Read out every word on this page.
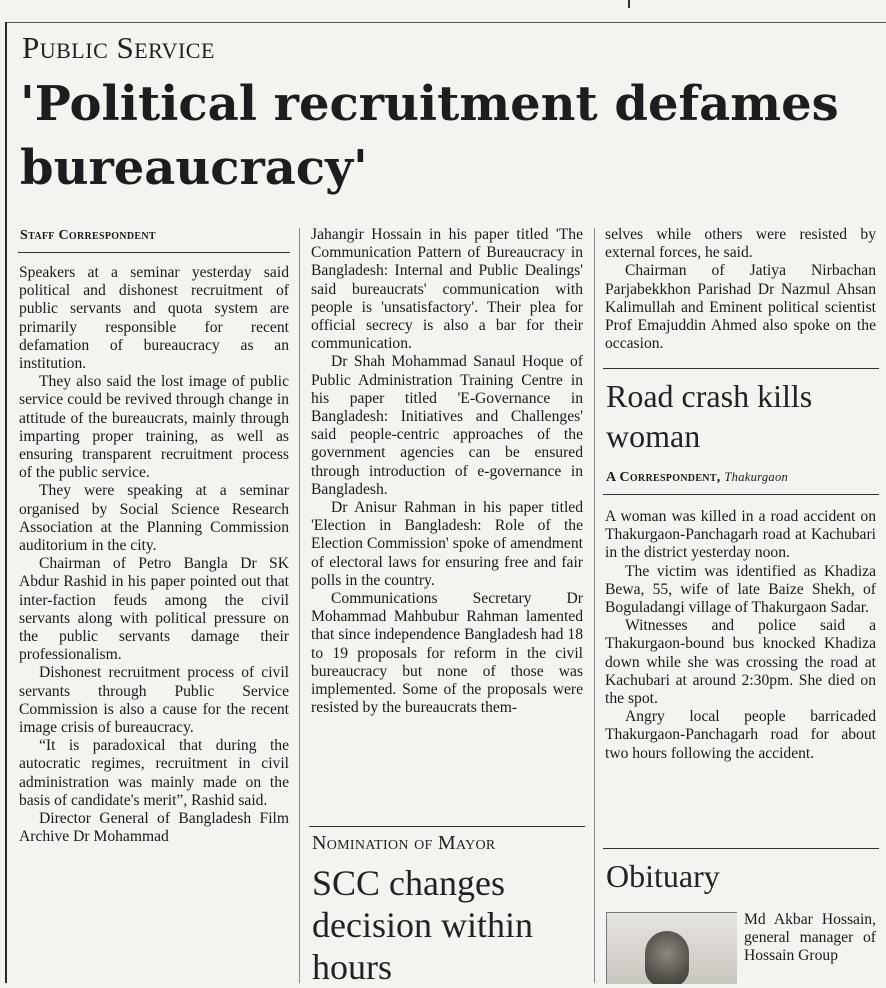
Public Service
'Political recruitment defames bureaucracy'
Staff Correspondent

Speakers at a seminar yesterday said political and dishonest recruitment of public servants and quota system are primarily responsible for recent defamation of bureaucracy as an institution.

They also said the lost image of public service could be revived through change in attitude of the bureaucrats, mainly through imparting proper training, as well as ensuring transparent recruitment process of the public service.

They were speaking at a seminar organised by Social Science Research Association at the Planning Commission auditorium in the city.

Chairman of Petro Bangla Dr SK Abdur Rashid in his paper pointed out that inter-faction feuds among the civil servants along with political pressure on the public servants damage their professionalism.

Dishonest recruitment process of civil servants through Public Service Commission is also a cause for the recent image crisis of bureaucracy.

“It is paradoxical that during the autocratic regimes, recruitment in civil administration was mainly made on the basis of candidate's merit”, Rashid said.

Director General of Bangladesh Film Archive Dr Mohammad

Jahangir Hossain in his paper titled 'The Communication Pattern of Bureaucracy in Bangladesh: Internal and Public Dealings' said bureaucrats' communication with people is 'unsatisfactory'. Their plea for official secrecy is also a bar for their communication.

Dr Shah Mohammad Sanaul Hoque of Public Administration Training Centre in his paper titled 'E-Governance in Bangladesh: Initiatives and Challenges' said people-centric approaches of the government agencies can be ensured through introduction of e-governance in Bangladesh.

Dr Anisur Rahman in his paper titled 'Election in Bangladesh: Role of the Election Commission' spoke of amendment of electoral laws for ensuring free and fair polls in the country.

Communications Secretary Dr Mohammad Mahbubur Rahman lamented that since independence Bangladesh had 18 to 19 proposals for reform in the civil bureaucracy but none of those was implemented. Some of the proposals were resisted by the bureaucrats them-

Nomination of Mayor
SCC changes decision within hours

selves while others were resisted by external forces, he said.

Chairman of Jatiya Nirbachan Parjabekkhon Parishad Dr Nazmul Ahsan Kalimullah and Eminent political scientist Prof Emajuddin Ahmed also spoke on the occasion.

Road crash kills woman
A Correspondent, Thakurgaon

A woman was killed in a road accident on Thakurgaon-Panchagarh road at Kachubari in the district yesterday noon.

The victim was identified as Khadiza Bewa, 55, wife of late Baize Shekh, of Boguladangi village of Thakurgaon Sadar.

Witnesses and police said a Thakurgaon-bound bus knocked Khadiza down while she was crossing the road at Kachubari at around 2:30pm. She died on the spot.

Angry local people barricaded Thakurgaon-Panchagarh road for about two hours following the accident.

Obituary
Md Akbar Hossain, general manager of Hossain Group
